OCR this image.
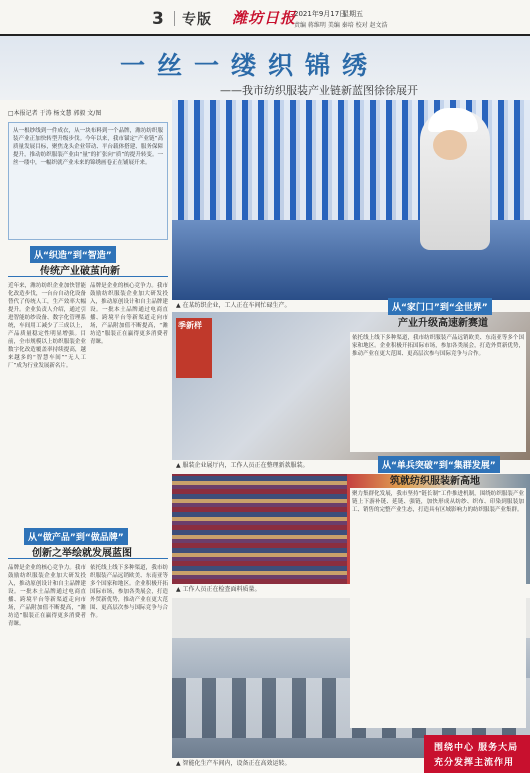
3 专版 潍坊日报
2021年9月17日
星期五
责编 蒋维明 美编 秦培 校对 赵文浩
一丝一缕织锦绣
——我市纺织服装产业链新蓝图徐徐展开
▲ 在某纺织企业，工人正在车间忙碌生产。
季新样
▲ 服装企业展厅内，工作人员正在整理新款服装。
▲ 工作人员正在检查面料质量。
▲ 智能化生产车间内，设备正在高效运转。
□本报记者 于涛 杨文慧 郭毅 文/图
从一根纱线到一件成衣，从一块布料到一个品牌，潍坊纺织服装产业正加快转型升级步伐。今年以来，我市锚定“产业链”高质量发展目标，聚焦龙头企业带动、平台载体搭建、服务保障提升，推动纺织服装产业由“量”的扩张向“质”的提升转变。一丝一缕中，一幅织就产业未来的锦绣画卷正在铺展开来。
从“织造”到“智造”
传统产业破茧向新
近年来，潍坊纺织企业加快智能化改造步伐，一台台自动化设备替代了传统人工，生产效率大幅提升。企业负责人介绍，通过引进智能纺纱设备、数字化管理系统，车间用工减少了三成以上，产品质量稳定性明显增强。目前，全市规模以上纺织服装企业数字化改造覆盖率持续提高，越来越多的“智慧车间”“无人工厂”成为行业发展新名片。
品牌是企业的核心竞争力。我市鼓励纺织服装企业加大研发投入，推动原创设计和自主品牌建设。一批本土品牌通过电商直播、跨境平台等新渠道走向市场，产品附加值不断提高，“潍坊造”服装正在赢得更多消费者青睐。
从“做产品”到“做品牌”
创新之举绘就发展蓝图
品牌是企业的核心竞争力。我市鼓励纺织服装企业加大研发投入，推动原创设计和自主品牌建设。一批本土品牌通过电商直播、跨境平台等新渠道走向市场，产品附加值不断提高，“潍坊造”服装正在赢得更多消费者青睐。
依托线上线下多种渠道，我市纺织服装产品远销欧美、东南亚等多个国家和地区。企业积极开拓国际市场，参加各类展会，打造外贸新优势，推动产业在更大范围、更高层次参与国际竞争与合作。
从“家门口”到“全世界”
产业升级高速新赛道
依托线上线下多种渠道，我市纺织服装产品远销欧美、东南亚等多个国家和地区。企业积极开拓国际市场，参加各类展会，打造外贸新优势，推动产业在更大范围、更高层次参与国际竞争与合作。
从“单兵突破”到“集群发展”
筑就纺织服装新高地
聚力集群化发展，我市坚持“链长制”工作推进机制，围绕纺织服装产业链上下游补链、延链、强链，加快形成从纺纱、织布、印染到服装加工、销售的完整产业生态，打造具有区域影响力的纺织服装产业集群。
围绕中心 服务大局
充分发挥主流作用
